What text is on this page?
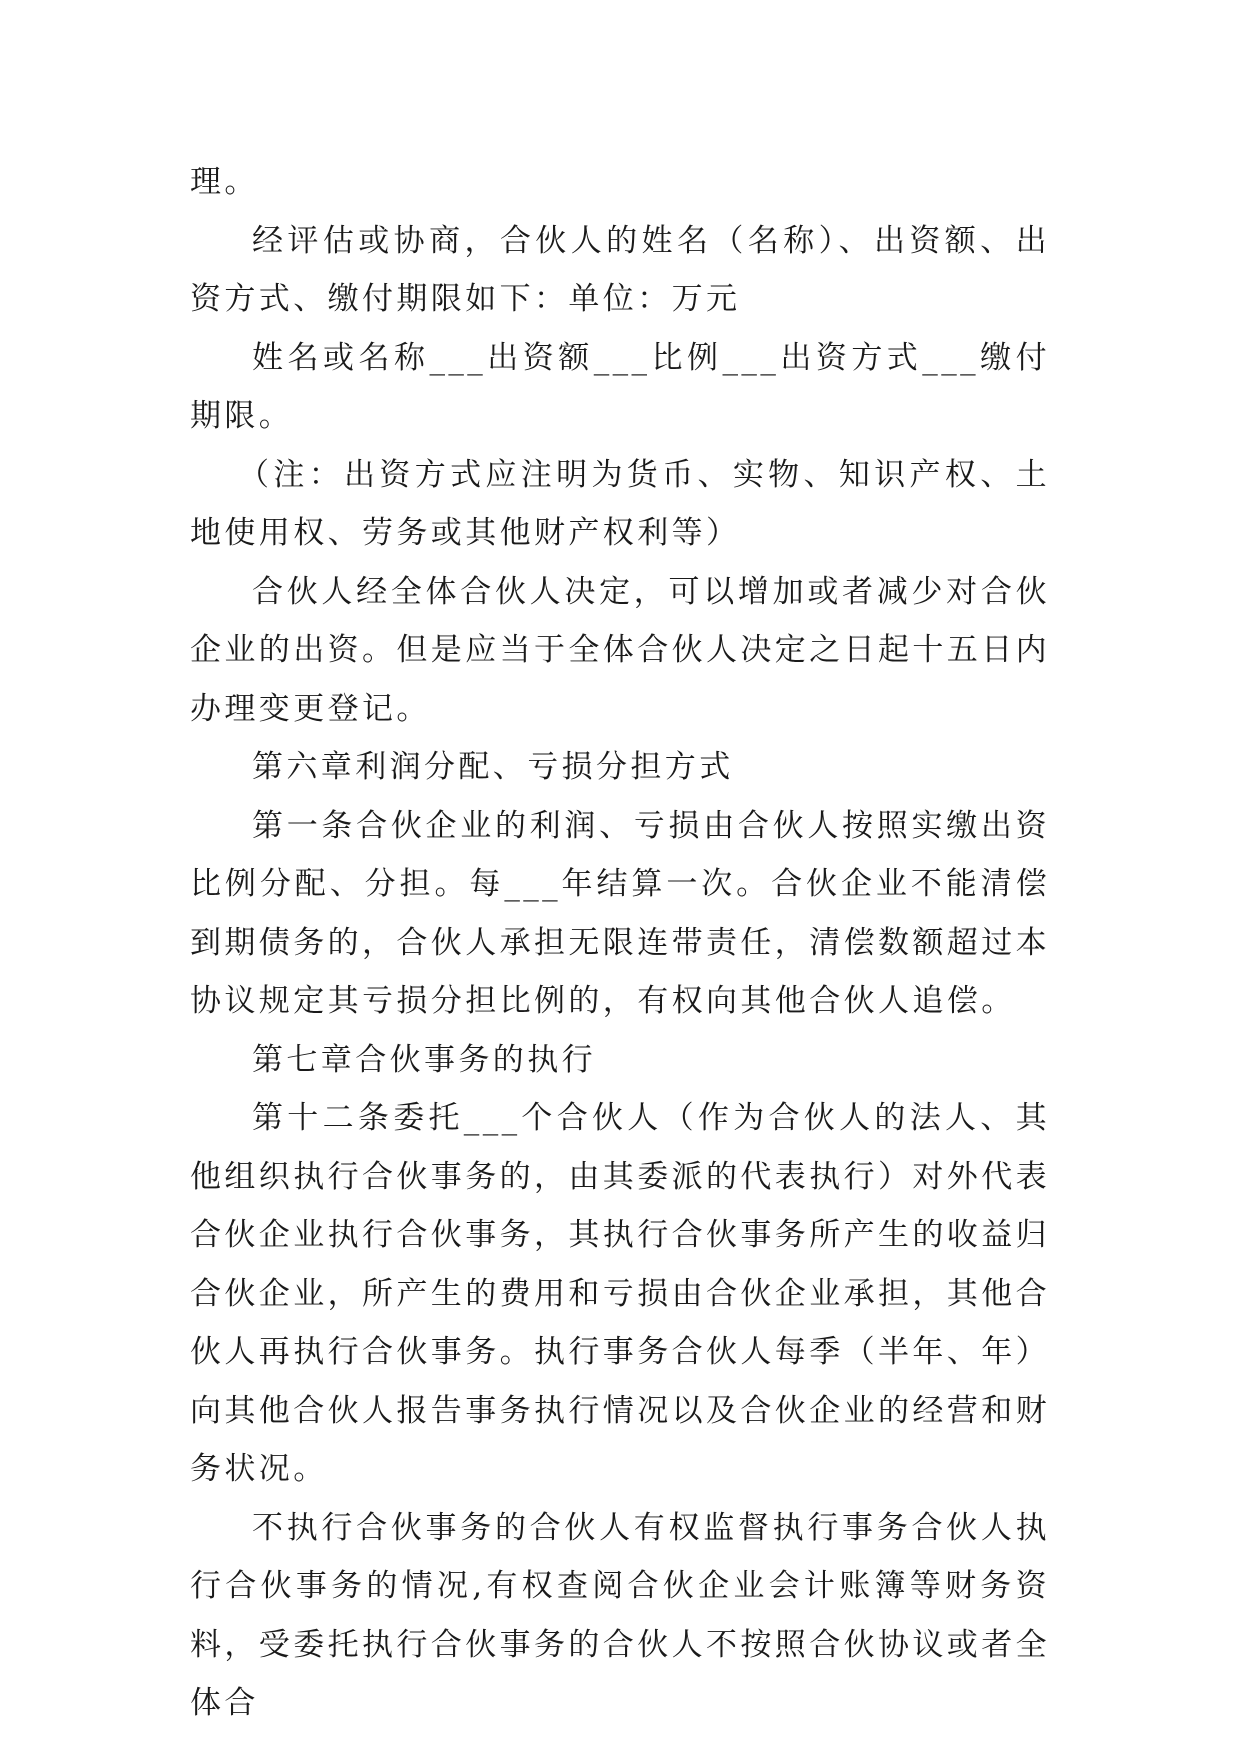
理。

经评估或协商，合伙人的姓名（名称）、出资额、出资方式、缴付期限如下：单位：万元

姓名或名称___出资额___比例___出资方式___缴付期限。

（注：出资方式应注明为货币、实物、知识产权、土地使用权、劳务或其他财产权利等）

合伙人经全体合伙人决定，可以增加或者减少对合伙企业的出资。但是应当于全体合伙人决定之日起十五日内办理变更登记。

第六章利润分配、亏损分担方式

第一条合伙企业的利润、亏损由合伙人按照实缴出资比例分配、分担。每___年结算一次。合伙企业不能清偿到期债务的，合伙人承担无限连带责任，清偿数额超过本协议规定其亏损分担比例的，有权向其他合伙人追偿。

第七章合伙事务的执行

第十二条委托___个合伙人（作为合伙人的法人、其他组织执行合伙事务的，由其委派的代表执行）对外代表合伙企业执行合伙事务，其执行合伙事务所产生的收益归合伙企业，所产生的费用和亏损由合伙企业承担，其他合伙人再执行合伙事务。执行事务合伙人每季（半年、年）向其他合伙人报告事务执行情况以及合伙企业的经营和财务状况。

不执行合伙事务的合伙人有权监督执行事务合伙人执行合伙事务的情况,有权查阅合伙企业会计账簿等财务资料，受委托执行合伙事务的合伙人不按照合伙协议或者全体合
